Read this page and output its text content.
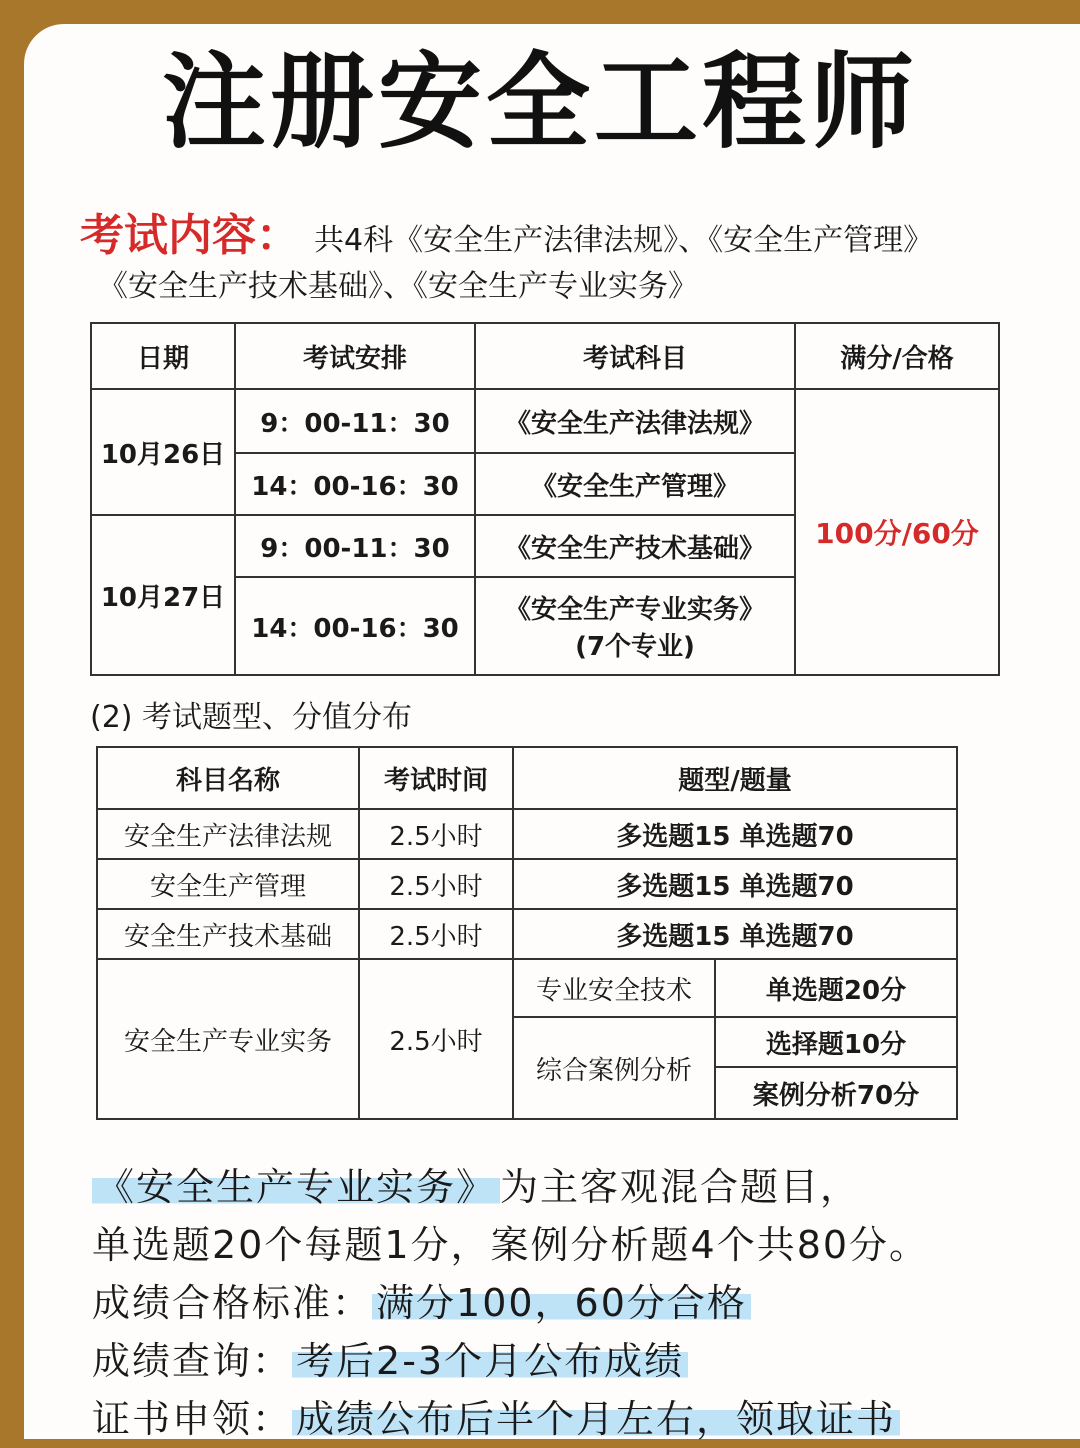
注册安全工程师
考试内容： 共4科《安全生产法律法规》、《安全生产管理》
《安全生产技术基础》、《安全生产专业实务》
日期	考试安排	考试科目	满分/合格
10月26日	9：00-11：30	《安全生产法律法规》	100分/60分
	14：00-16：30	《安全生产管理》	
10月27日	9：00-11：30	《安全生产技术基础》	
	14：00-16：30	《安全生产专业实务》
(7个专业)	
(2) 考试题型、分值分布
科目名称	考试时间	题型/题量	
安全生产法律法规	2.5小时	多选题15 单选题70	
安全生产管理	2.5小时	多选题15 单选题70	
安全生产技术基础	2.5小时	多选题15 单选题70	
安全生产专业实务	2.5小时	专业安全技术	单选题20分
		综合案例分析	选择题10分
			案例分析70分
《安全生产专业实务》 为主客观混合题目，
单选题20个每题1分，案例分析题4个共80分。
成绩合格标准： 满分100，60分合格
成绩查询： 考后2-3个月公布成绩
证书申领： 成绩公布后半个月左右，领取证书
